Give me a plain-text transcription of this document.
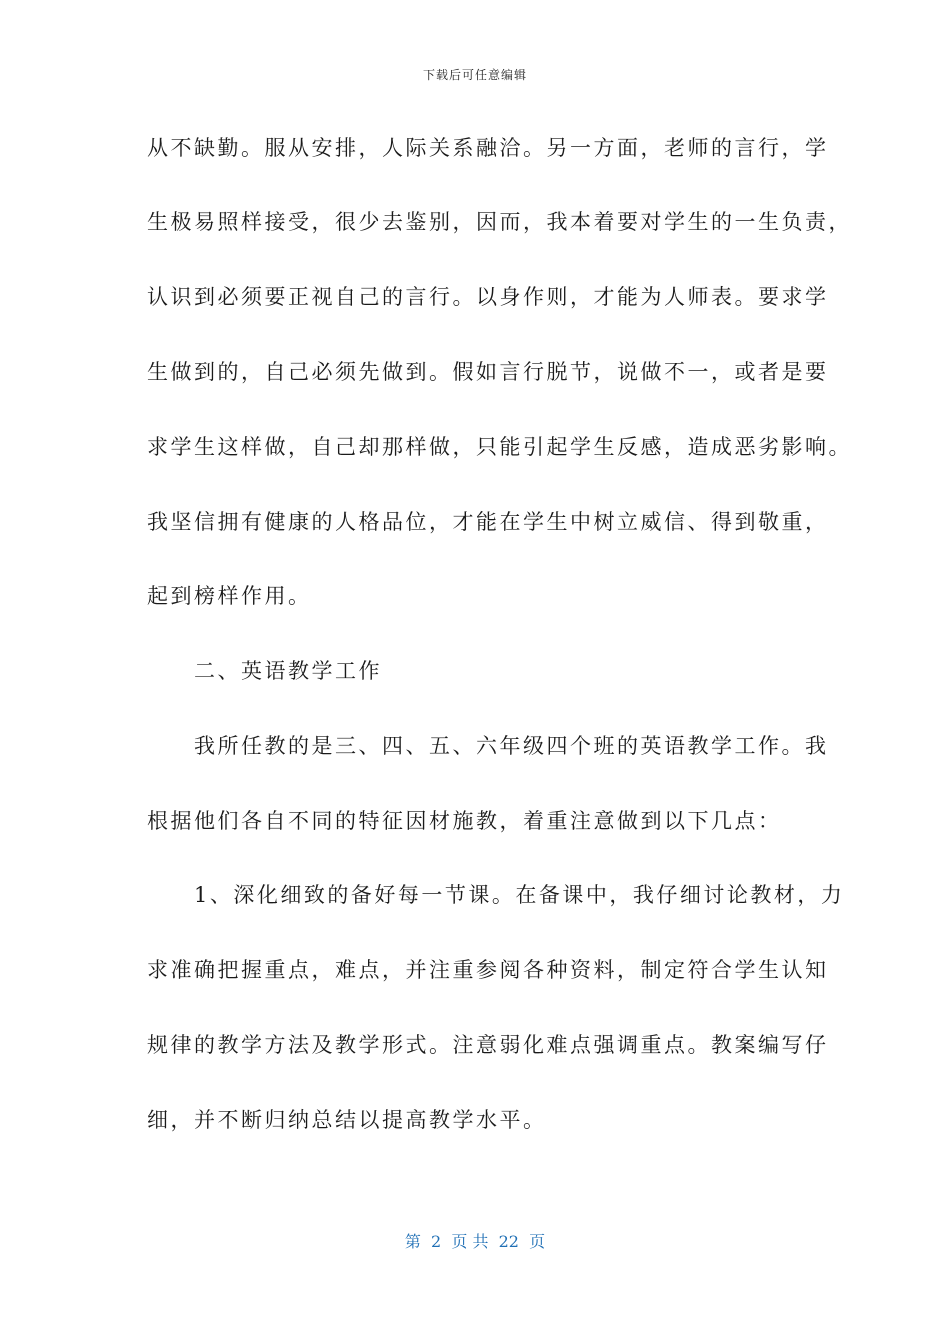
下载后可任意编辑
从不缺勤。服从安排，人际关系融洽。另一方面，老师的言行，学
生极易照样接受，很少去鉴别，因而，我本着要对学生的一生负责，
认识到必须要正视自己的言行。以身作则，才能为人师表。要求学
生做到的，自己必须先做到。假如言行脱节，说做不一，或者是要
求学生这样做，自己却那样做，只能引起学生反感，造成恶劣影响。
我坚信拥有健康的人格品位，才能在学生中树立威信、得到敬重，
起到榜样作用。
　　二、英语教学工作
　　我所任教的是三、四、五、六年级四个班的英语教学工作。我
根据他们各自不同的特征因材施教，着重注意做到以下几点：
　　1、深化细致的备好每一节课。在备课中，我仔细讨论教材，力
求准确把握重点，难点，并注重参阅各种资料，制定符合学生认知
规律的教学方法及教学形式。注意弱化难点强调重点。教案编写仔
细，并不断归纳总结以提高教学水平。
第  2  页 共  22  页
